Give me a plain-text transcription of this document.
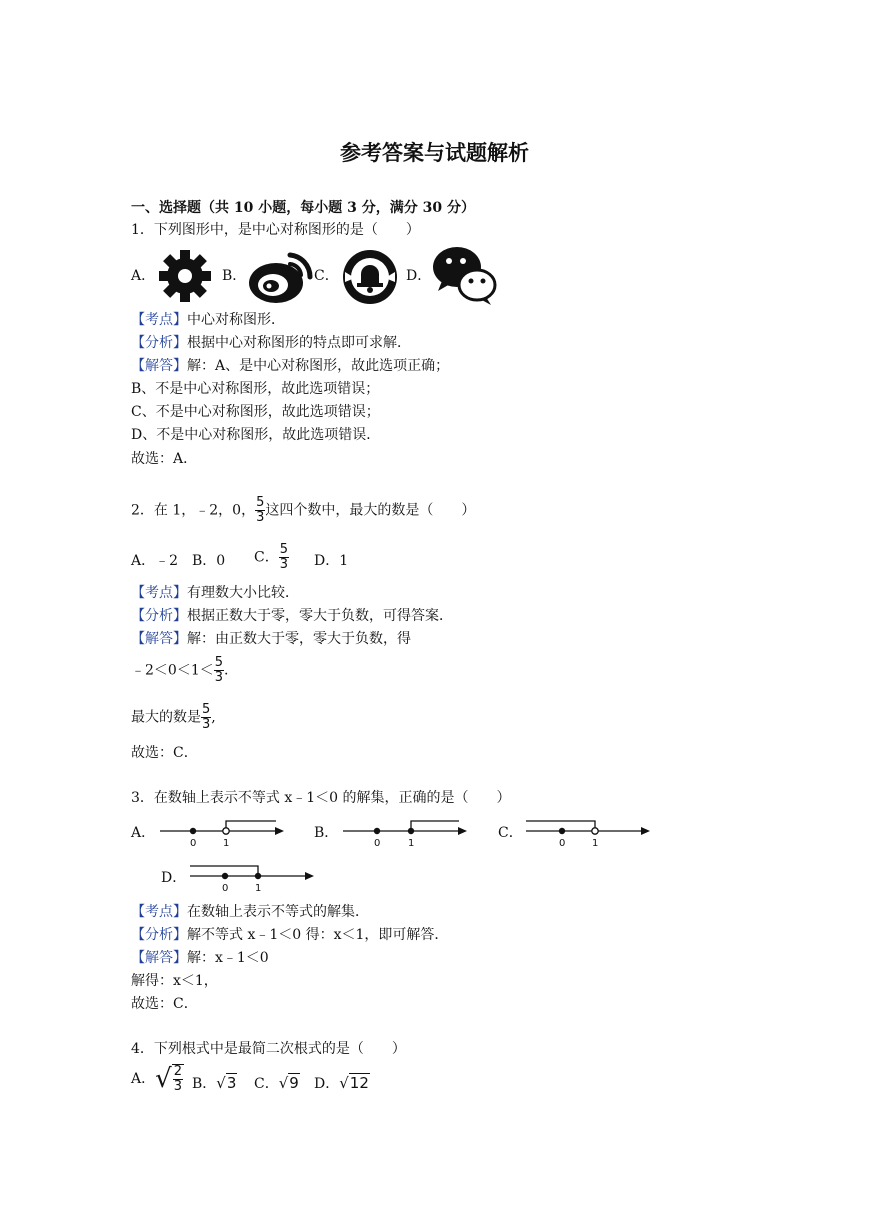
参考答案与试题解析
一、选择题（共 10 小题，每小题 3 分，满分 30 分）
1．下列图形中，是中心对称图形的是（　　）
A．	B．	C．	D．
【考点】中心对称图形．
【分析】根据中心对称图形的特点即可求解．
【解答】解：A、是中心对称图形，故此选项正确；
B、不是中心对称图形，故此选项错误；
C、不是中心对称图形，故此选项错误；
D、不是中心对称图形，故此选项错误．
故选：A．
2．在 1，﹣2，0， $\frac{5}{3}$ 这四个数中，最大的数是（　　）
A．﹣2 B．0 C． $\frac{5}{3}$ D．1
【考点】有理数大小比较．
【分析】根据正数大于零，零大于负数，可得答案．
【解答】解：由正数大于零，零大于负数，得
﹣2＜0＜1＜ $\frac{5}{3}$ .
最大的数是 $\frac{5}{3}$ ,
故选：C．
3．在数轴上表示不等式 x﹣1＜0 的解集，正确的是（　　）
A．
0	1
B．
0	1
C．
0	1
D．
0	1
【考点】在数轴上表示不等式的解集．
【分析】解不等式 x﹣1＜0 得：x＜1，即可解答．
【解答】解：x﹣1＜0
解得：x＜1，
故选：C．
4．下列根式中是最简二次根式的是（　　）
A．√ $\frac{2}{3}$ B．√3 C．√9 D．√12
